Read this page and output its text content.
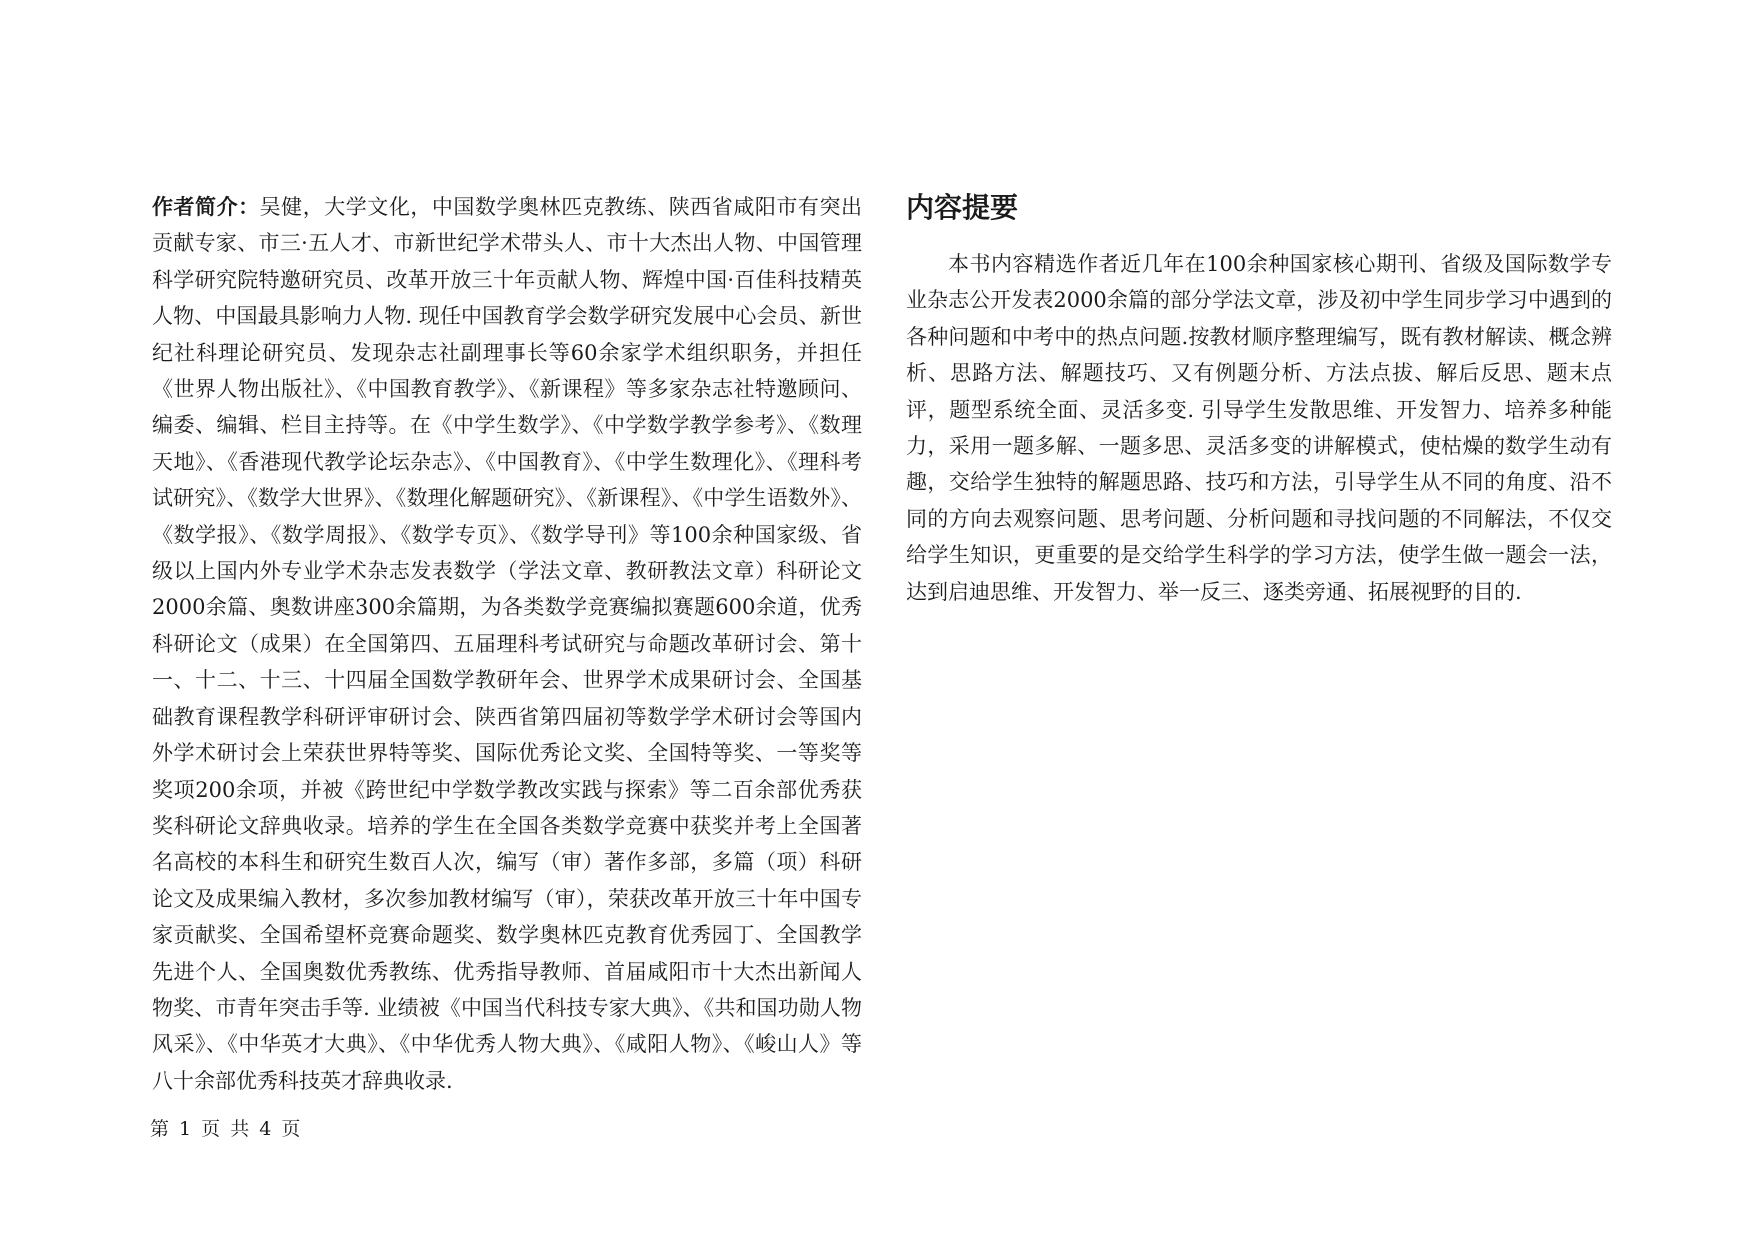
作者简介：吴健，大学文化，中国数学奥林匹克教练、陕西省咸阳市有突出贡献专家、市三·五人才、市新世纪学术带头人、市十大杰出人物、中国管理科学研究院特邀研究员、改革开放三十年贡献人物、辉煌中国·百佳科技精英人物、中国最具影响力人物. 现任中国教育学会数学研究发展中心会员、新世纪社科理论研究员、发现杂志社副理事长等60余家学术组织职务，并担任《世界人物出版社》、《中国教育教学》、《新课程》等多家杂志社特邀顾问、编委、编辑、栏目主持等。在《中学生数学》、《中学数学教学参考》、《数理天地》、《香港现代教学论坛杂志》、《中国教育》、《中学生数理化》、《理科考试研究》、《数学大世界》、《数理化解题研究》、《新课程》、《中学生语数外》、《数学报》、《数学周报》、《数学专页》、《数学导刊》等100余种国家级、省级以上国内外专业学术杂志发表数学（学法文章、教研教法文章）科研论文2000余篇、奥数讲座300余篇期，为各类数学竞赛编拟赛题600余道，优秀科研论文（成果）在全国第四、五届理科考试研究与命题改革研讨会、第十一、十二、十三、十四届全国数学教研年会、世界学术成果研讨会、全国基础教育课程教学科研评审研讨会、陕西省第四届初等数学学术研讨会等国内外学术研讨会上荣获世界特等奖、国际优秀论文奖、全国特等奖、一等奖等奖项200余项，并被《跨世纪中学数学教改实践与探索》等二百余部优秀获奖科研论文辞典收录。培养的学生在全国各类数学竞赛中获奖并考上全国著名高校的本科生和研究生数百人次，编写（审）著作多部，多篇（项）科研论文及成果编入教材，多次参加教材编写（审），荣获改革开放三十年中国专家贡献奖、全国希望杯竞赛命题奖、数学奥林匹克教育优秀园丁、全国教学先进个人、全国奥数优秀教练、优秀指导教师、首届咸阳市十大杰出新闻人物奖、市青年突击手等. 业绩被《中国当代科技专家大典》、《共和国功勋人物风采》、《中华英才大典》、《中华优秀人物大典》、《咸阳人物》、《峻山人》等八十余部优秀科技英才辞典收录.

内容提要

本书内容精选作者近几年在100余种国家核心期刊、省级及国际数学专业杂志公开发表2000余篇的部分学法文章，涉及初中学生同步学习中遇到的各种问题和中考中的热点问题.按教材顺序整理编写，既有教材解读、概念辨析、思路方法、解题技巧、又有例题分析、方法点拔、解后反思、题末点评，题型系统全面、灵活多变. 引导学生发散思维、开发智力、培养多种能力，采用一题多解、一题多思、灵活多变的讲解模式，使枯燥的数学生动有趣，交给学生独特的解题思路、技巧和方法，引导学生从不同的角度、沿不同的方向去观察问题、思考问题、分析问题和寻找问题的不同解法，不仅交给学生知识，更重要的是交给学生科学的学习方法，使学生做一题会一法，达到启迪思维、开发智力、举一反三、逐类旁通、拓展视野的目的.

第 1 页 共 4 页
